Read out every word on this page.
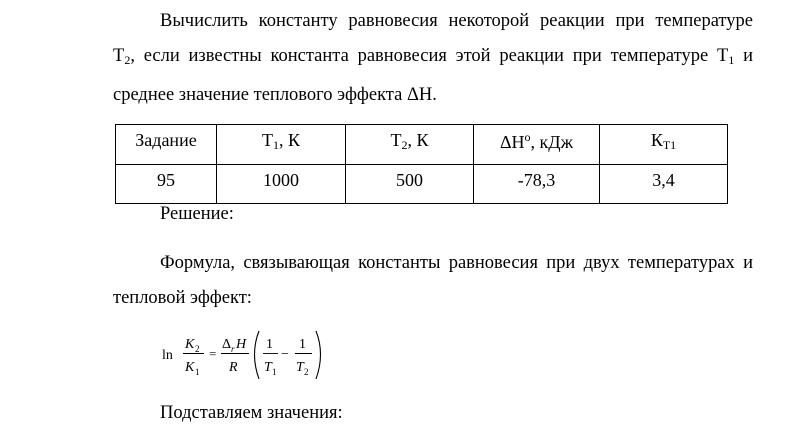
Вычислить константу равновесия некоторой реакции при температуре
$Т_2$, если известны константа равновесия этой реакции при температуре $Т_1$ и
среднее значение теплового эффекта ΔН.
Задание	$Т_1$, К	$Т_2$, К	$\Delta Н^о$, кДж	$К_{Т1}$
95	1000	500	-78,3	3,4

Решение:

Формула, связывающая константы равновесия при двух температурах и
тепловой эффект:
ln
K 2
K 1
=
Δ r H
R
1
T 1
−
1
T 2

Подставляем значения:
